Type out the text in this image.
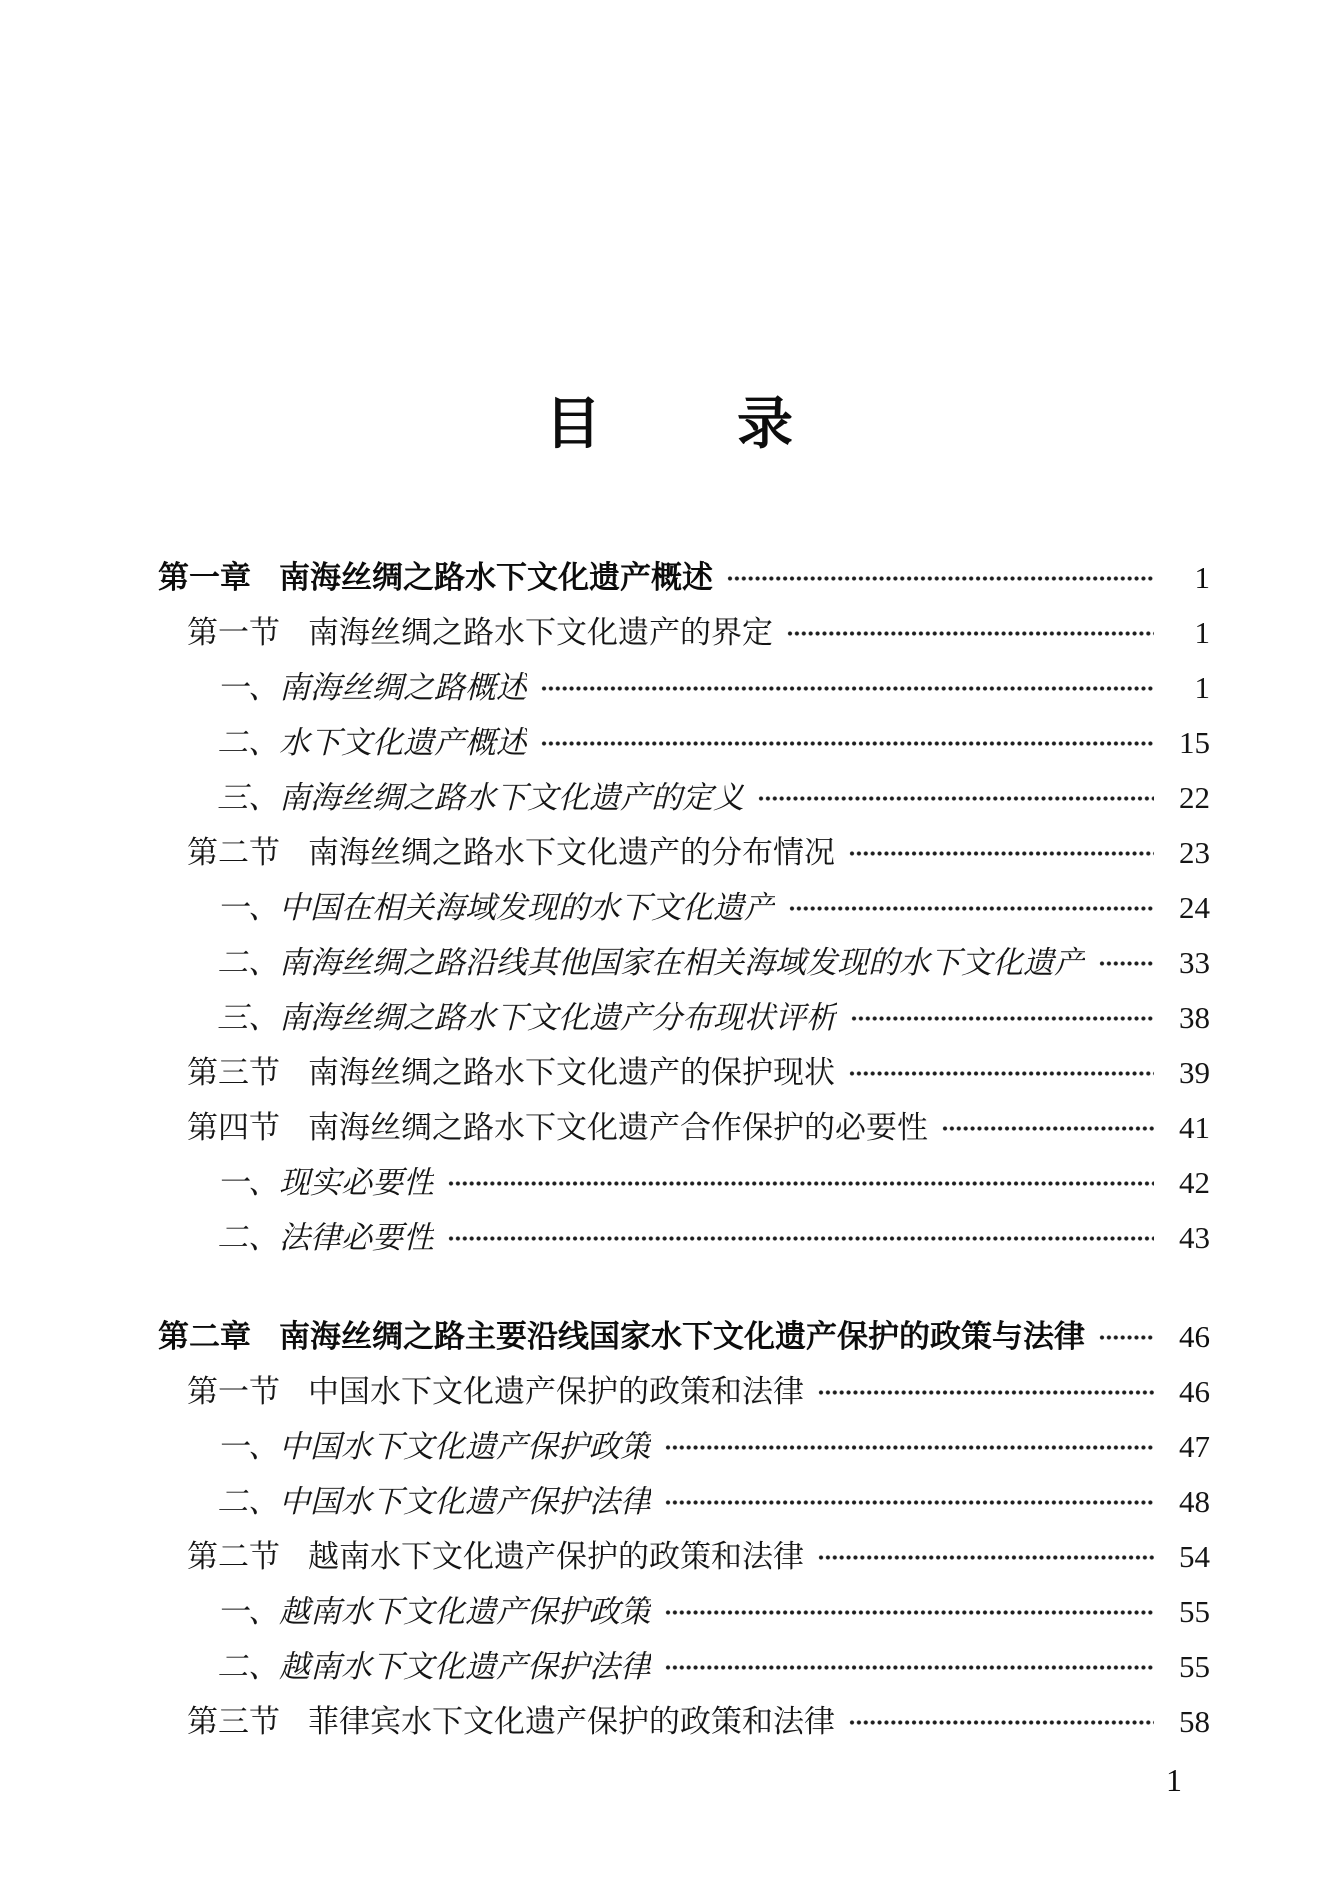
目 录
第一章 南海丝绸之路水下文化遗产概述	1
第一节 南海丝绸之路水下文化遗产的界定	1
一、 南海丝绸之路概述	1
二、 水下文化遗产概述	15
三、 南海丝绸之路水下文化遗产的定义	22
第二节 南海丝绸之路水下文化遗产的分布情况	23
一、 中国在相关海域发现的水下文化遗产	24
二、 南海丝绸之路沿线其他国家在相关海域发现的水下文化遗产	33
三、 南海丝绸之路水下文化遗产分布现状评析	38
第三节 南海丝绸之路水下文化遗产的保护现状	39
第四节 南海丝绸之路水下文化遗产合作保护的必要性	41
一、 现实必要性	42
二、 法律必要性	43
第二章 南海丝绸之路主要沿线国家水下文化遗产保护的政策与法律	46
第一节 中国水下文化遗产保护的政策和法律	46
一、 中国水下文化遗产保护政策	47
二、 中国水下文化遗产保护法律	48
第二节 越南水下文化遗产保护的政策和法律	54
一、 越南水下文化遗产保护政策	55
二、 越南水下文化遗产保护法律	55
第三节 菲律宾水下文化遗产保护的政策和法律	58
1
